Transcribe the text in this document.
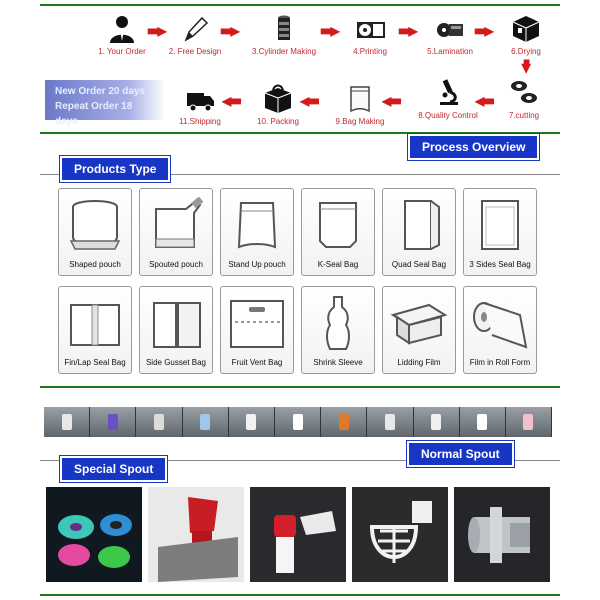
1. Your Order
■■▶
2. Free Design
■■▶
3.Cylinder Making
■■▶
4.Printing
■■▶
5.Lamination
■■▶
6.Drying
■▶
New Order 20 days
Repeat Order 18 days	11.Shipping
◀■■
10. Packing
◀■■
9.Bag Making
◀■■
8.Quality Control
◀■■
7.cutting
Process Overview
Products Type
Shaped pouch	Spouted pouch	Stand Up pouch	K-Seal Bag	Quad Seal Bag	3 Sides Seal Bag
Fin/Lap Seal Bag	Side Gusset Bag	Fruit Vent Bag	Shrink Sleeve	Lidding Film	Film in Roll Form
Normal Spout
Special Spout
